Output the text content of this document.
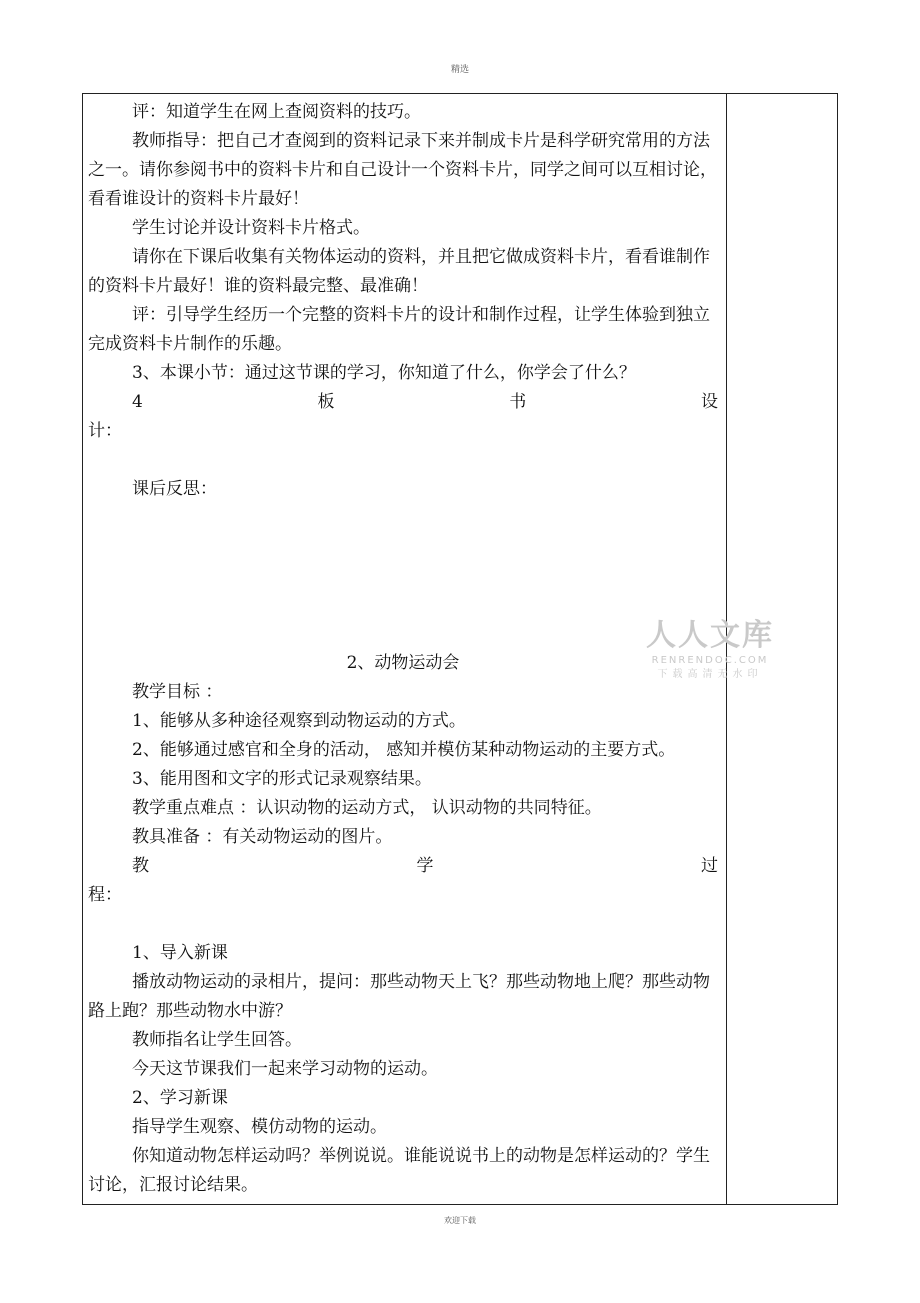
精选

评：知道学生在网上查阅资料的技巧。

教师指导：把自己才查阅到的资料记录下来并制成卡片是科学研究常用的方法之一。请你参阅书中的资料卡片和自己设计一个资料卡片，同学之间可以互相讨论，看看谁设计的资料卡片最好！

学生讨论并设计资料卡片格式。

请你在下课后收集有关物体运动的资料，并且把它做成资料卡片，看看谁制作的资料卡片最好！谁的资料最完整、最准确！

评：引导学生经历一个完整的资料卡片的设计和制作过程，让学生体验到独立完成资料卡片制作的乐趣。

3、本课小节：通过这节课的学习，你知道了什么，你学会了什么？

4	板	书	设

计：

课后反思：

2、动物运动会

教学目标 ：

1、能够从多种途径观察到动物运动的方式。

2、能够通过感官和全身的活动， 感知并模仿某种动物运动的主要方式。

3、能用图和文字的形式记录观察结果。

教学重点难点 ：认识动物的运动方式， 认识动物的共同特征。

教具准备 ：有关动物运动的图片。

教	学	过

程：

1、导入新课

播放动物运动的录相片，提问：那些动物天上飞？那些动物地上爬？那些动物路上跑？那些动物水中游？

教师指名让学生回答。

今天这节课我们一起来学习动物的运动。

2、学习新课

指导学生观察、模仿动物的运动。

你知道动物怎样运动吗？举例说说。谁能说说书上的动物是怎样运动的？学生讨论，汇报讨论结果。

人人文库
RENRENDOC.COM
下载高清无水印
欢迎下载
